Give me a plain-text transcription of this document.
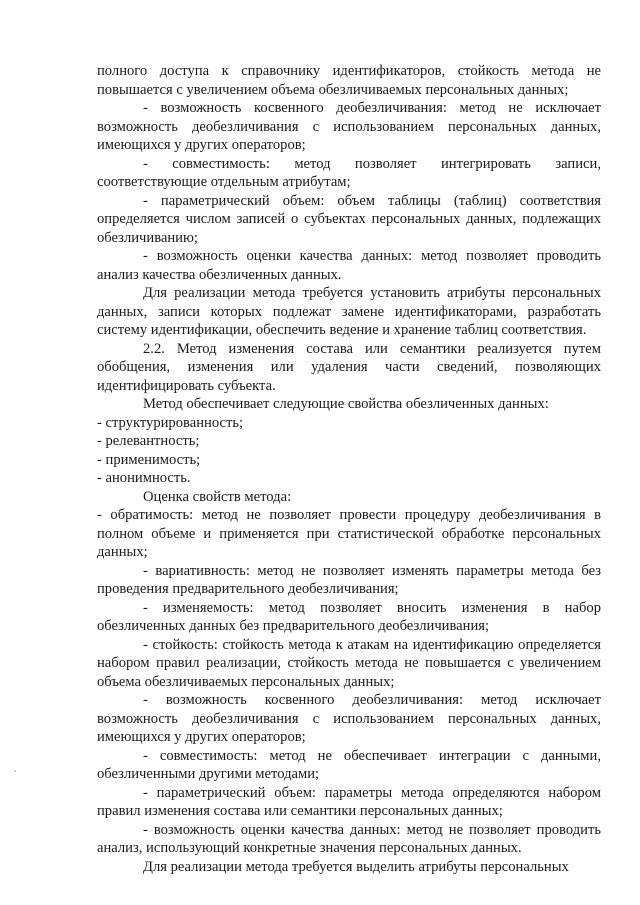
полного доступа к справочнику идентификаторов, стойкость метода не повышается с увеличением объема обезличиваемых персональных данных;

- возможность косвенного деобезличивания: метод не исключает возможность деобезличивания с использованием персональных данных, имеющихся у других операторов;

- совместимость: метод позволяет интегрировать записи, соответствующие отдельным атрибутам;

- параметрический объем: объем таблицы (таблиц) соответствия определяется числом записей о субъектах персональных данных, подлежащих обезличиванию;

- возможность оценки качества данных: метод позволяет проводить анализ качества обезличенных данных.

Для реализации метода требуется установить атрибуты персональных данных, записи которых подлежат замене идентификаторами, разработать систему идентификации, обеспечить ведение и хранение таблиц соответствия.

2.2. Метод изменения состава или семантики реализуется путем обобщения, изменения или удаления части сведений, позволяющих идентифицировать субъекта.

Метод обеспечивает следующие свойства обезличенных данных:

- структурированность;

- релевантность;

- применимость;

- анонимность.

Оценка свойств метода:

- обратимость: метод не позволяет провести процедуру деобезличивания в полном объеме и применяется при статистической обработке персональных данных;

- вариативность: метод не позволяет изменять параметры метода без проведения предварительного деобезличивания;

- изменяемость: метод позволяет вносить изменения в набор обезличенных данных без предварительного деобезличивания;

- стойкость: стойкость метода к атакам на идентификацию определяется набором правил реализации, стойкость метода не повышается с увеличением объема обезличиваемых персональных данных;

- возможность косвенного деобезличивания: метод исключает возможность деобезличивания с использованием персональных данных, имеющихся у других операторов;

- совместимость: метод не обеспечивает интеграции с данными, обезличенными другими методами;

- параметрический объем: параметры метода определяются набором правил изменения состава или семантики персональных данных;

- возможность оценки качества данных: метод не позволяет проводить анализ, использующий конкретные значения персональных данных.

Для реализации метода требуется выделить атрибуты персональных
